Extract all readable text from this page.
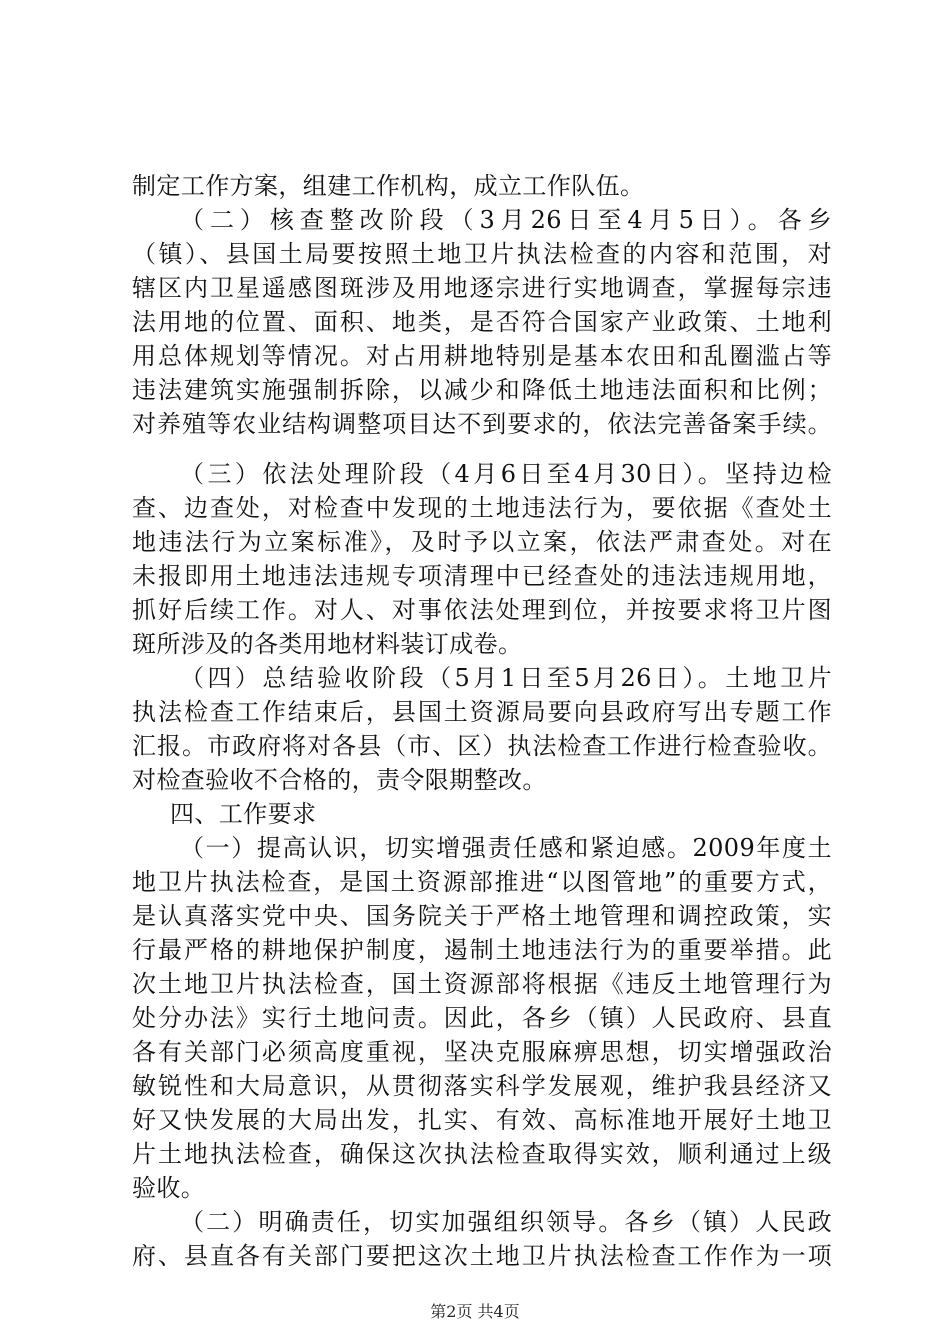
制定工作方案，组建工作机构，成立工作队伍。
（二）核查整改阶段（3月26日至4月5日）。各乡
（镇）、县国土局要按照土地卫片执法检查的内容和范围，对
辖区内卫星遥感图斑涉及用地逐宗进行实地调查，掌握每宗违
法用地的位置、面积、地类，是否符合国家产业政策、土地利
用总体规划等情况。对占用耕地特别是基本农田和乱圈滥占等
违法建筑实施强制拆除，以减少和降低土地违法面积和比例；
对养殖等农业结构调整项目达不到要求的，依法完善备案手续。
（三）依法处理阶段（4月6日至4月30日）。坚持边检
查、边查处，对检查中发现的土地违法行为，要依据《查处土
地违法行为立案标准》，及时予以立案，依法严肃查处。对在
未报即用土地违法违规专项清理中已经查处的违法违规用地，
抓好后续工作。对人、对事依法处理到位，并按要求将卫片图
斑所涉及的各类用地材料装订成卷。
（四）总结验收阶段（5月1日至5月26日）。土地卫片
执法检查工作结束后，县国土资源局要向县政府写出专题工作
汇报。市政府将对各县（市、区）执法检查工作进行检查验收。
对检查验收不合格的，责令限期整改。
四、工作要求
（一）提高认识，切实增强责任感和紧迫感。2009年度土
地卫片执法检查，是国土资源部推进“以图管地”的重要方式，
是认真落实党中央、国务院关于严格土地管理和调控政策，实
行最严格的耕地保护制度，遏制土地违法行为的重要举措。此
次土地卫片执法检查，国土资源部将根据《违反土地管理行为
处分办法》实行土地问责。因此，各乡（镇）人民政府、县直
各有关部门必须高度重视，坚决克服麻痹思想，切实增强政治
敏锐性和大局意识，从贯彻落实科学发展观，维护我县经济又
好又快发展的大局出发，扎实、有效、高标准地开展好土地卫
片土地执法检查，确保这次执法检查取得实效，顺利通过上级
验收。
（二）明确责任，切实加强组织领导。各乡（镇）人民政
府、县直各有关部门要把这次土地卫片执法检查工作作为一项
第2页 共4页
